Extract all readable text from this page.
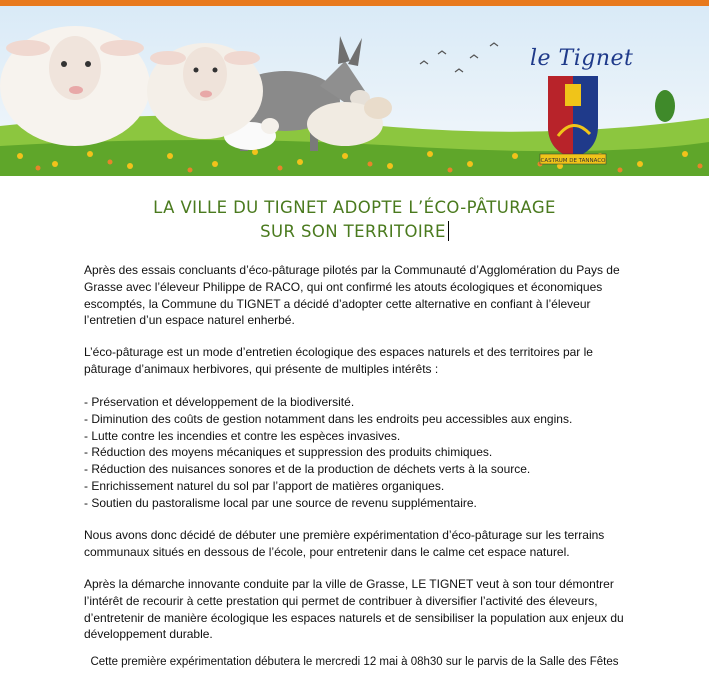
CASTRUM DE TANNACO
le Tignet
LA VILLE DU TIGNET ADOPTE L’ÉCO-PÂTURAGE
SUR SON TERRITOIRE
Après des essais concluants d’éco-pâturage pilotés par la Communauté d’Agglomération du Pays de Grasse avec l’éleveur Philippe de RACO, qui ont confirmé les atouts écologiques et économiques escomptés, la Commune du TIGNET a décidé d’adopter cette alternative en confiant à l’éleveur l’entretien d’un espace naturel enherbé.
L’éco-pâturage est un mode d’entretien écologique des espaces naturels et des territoires par le pâturage d’animaux herbivores, qui présente de multiples intérêts :
- Préservation et développement de la biodiversité.
- Diminution des coûts de gestion notamment dans les endroits peu accessibles aux engins.
- Lutte contre les incendies et contre les espèces invasives.
- Réduction des moyens mécaniques et suppression des produits chimiques.
- Réduction des nuisances sonores et de la production de déchets verts à la source.
- Enrichissement naturel du sol par l’apport de matières organiques.
- Soutien du pastoralisme local par une source de revenu supplémentaire.
Nous avons donc décidé de débuter une première expérimentation d’éco-pâturage sur les terrains communaux situés en dessous de l’école, pour entretenir dans le calme cet espace naturel.
Après la démarche innovante conduite par la ville de Grasse, LE TIGNET veut à son tour démontrer l’intérêt de recourir à cette prestation qui permet de contribuer à diversifier l’activité des éleveurs, d’entretenir de manière écologique les espaces naturels et de sensibiliser la population aux enjeux du développement durable.
Cette première expérimentation débutera le mercredi 12 mai à 08h30 sur le parvis de la Salle des Fêtes
